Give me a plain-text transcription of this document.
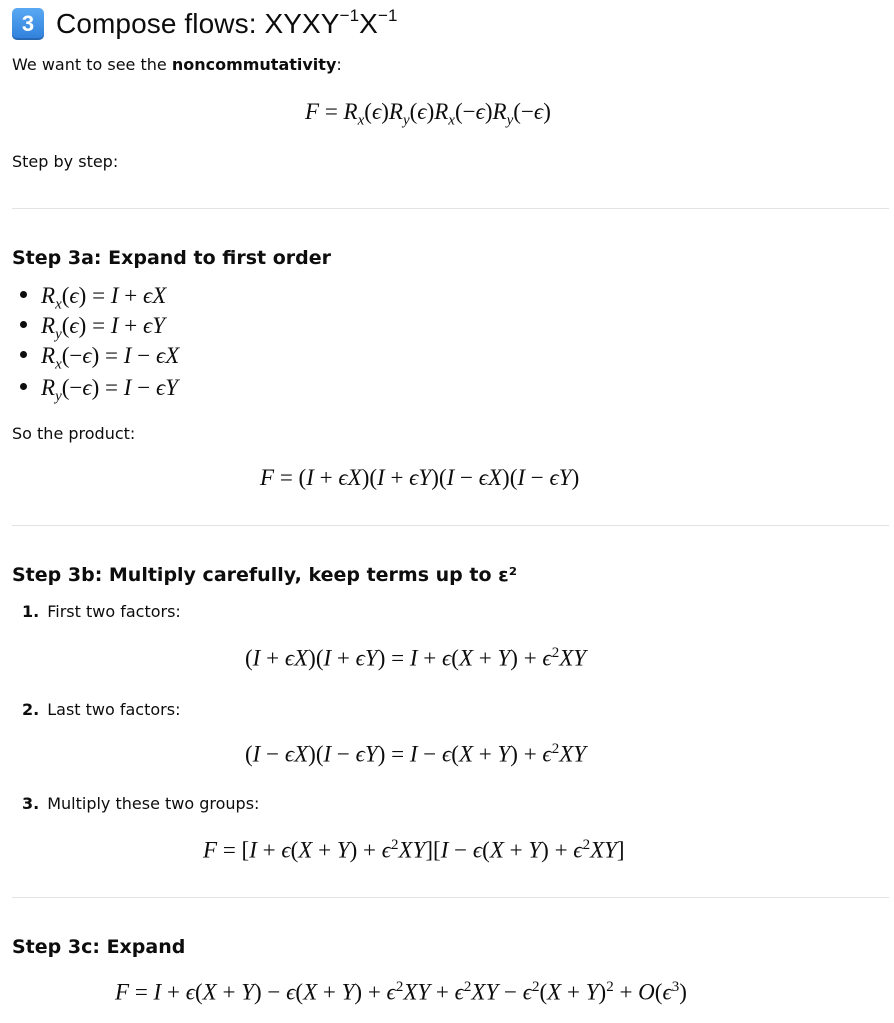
3 Compose flows: $XYXY^{-1}X^{-1}$
We want to see the noncommutativity:
$F = R_x(\epsilon)R_y(\epsilon)R_x(-\epsilon)R_y(-\epsilon)$
Step by step:
Step 3a: Expand to first order
$R_x(\epsilon) = I + \epsilon X$
$R_y(\epsilon) = I + \epsilon Y$
$R_x(-\epsilon) = I - \epsilon X$
$R_y(-\epsilon) = I - \epsilon Y$
So the product:
F = (I + ϵX)(I + ϵY)(I − ϵX)(I − ϵY)
Step 3b: Multiply carefully, keep terms up to ε²
1. First two factors:
$(I + \epsilon X)(I + \epsilon Y) = I + \epsilon(X + Y) + \epsilon^2XY$
2. Last two factors:
$(I - \epsilon X)(I - \epsilon Y) = I - \epsilon(X + Y) + \epsilon^2XY$
3. Multiply these two groups:
$F = [I + \epsilon(X + Y) + \epsilon^2XY][I - \epsilon(X + Y) + \epsilon^2XY]$
Step 3c: Expand
$F = I + \epsilon(X + Y) - \epsilon(X + Y) + \epsilon^2XY + \epsilon^2XY - \epsilon^2(X + Y)^2 + O(\epsilon^3)$
